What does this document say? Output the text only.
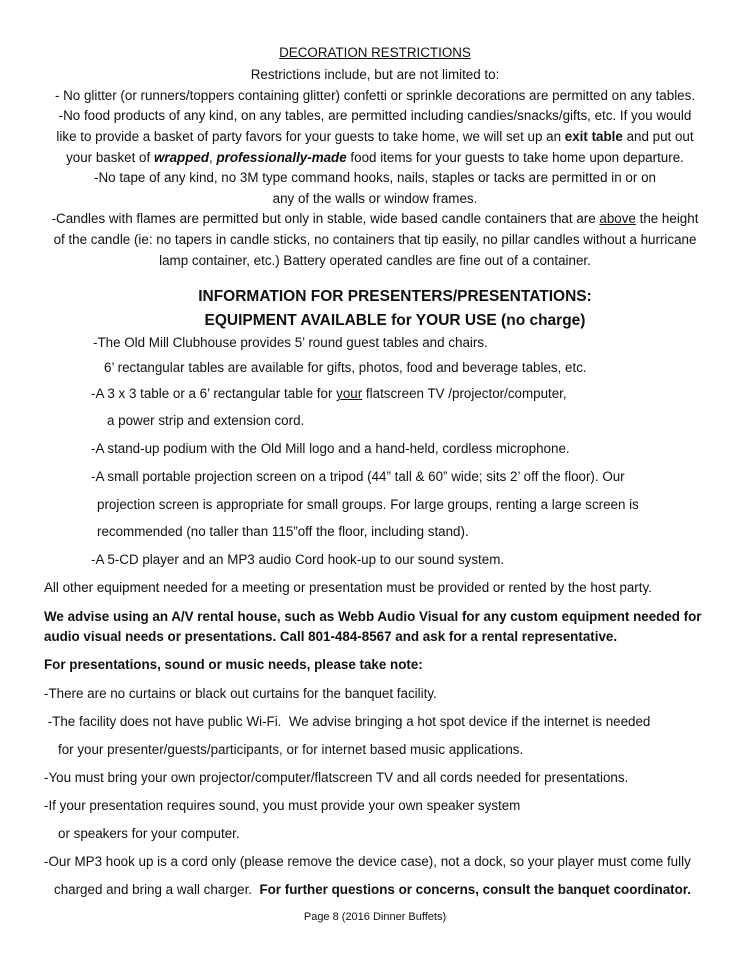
DECORATION RESTRICTIONS
Restrictions include, but are not limited to:
- No glitter (or runners/toppers containing glitter) confetti or sprinkle decorations are permitted on any tables.
-No food products of any kind, on any tables, are permitted including candies/snacks/gifts, etc. If you would
like to provide a basket of party favors for your guests to take home, we will set up an exit table and put out
your basket of wrapped, professionally-made food items for your guests to take home upon departure.
-No tape of any kind, no 3M type command hooks, nails, staples or tacks are permitted in or on
any of the walls or window frames.
-Candles with flames are permitted but only in stable, wide based candle containers that are above the height
of the candle (ie: no tapers in candle sticks, no containers that tip easily, no pillar candles without a hurricane
lamp container, etc.) Battery operated candles are fine out of a container.
INFORMATION FOR PRESENTERS/PRESENTATIONS:
EQUIPMENT AVAILABLE for YOUR USE (no charge)
-The Old Mill Clubhouse provides 5’ round guest tables and chairs.
6’ rectangular tables are available for gifts, photos, food and beverage tables, etc.
-A 3 x 3 table or a 6’ rectangular table for your flatscreen TV /projector/computer,
a power strip and extension cord.
-A stand-up podium with the Old Mill logo and a hand-held, cordless microphone.
-A small portable projection screen on a tripod (44” tall & 60” wide; sits 2’ off the floor). Our
projection screen is appropriate for small groups. For large groups, renting a large screen is
recommended (no taller than 115”off the floor, including stand).
-A 5-CD player and an MP3 audio Cord hook-up to our sound system.
All other equipment needed for a meeting or presentation must be provided or rented by the host party.
We advise using an A/V rental house, such as Webb Audio Visual for any custom equipment needed for
audio visual needs or presentations. Call 801-484-8567 and ask for a rental representative.
For presentations, sound or music needs, please take note:
-There are no curtains or black out curtains for the banquet facility.
-The facility does not have public Wi-Fi.  We advise bringing a hot spot device if the internet is needed
for your presenter/guests/participants, or for internet based music applications.
-You must bring your own projector/computer/flatscreen TV and all cords needed for presentations.
-If your presentation requires sound, you must provide your own speaker system
or speakers for your computer.
-Our MP3 hook up is a cord only (please remove the device case), not a dock, so your player must come fully
charged and bring a wall charger.  For further questions or concerns, consult the banquet coordinator.
Page 8 (2016 Dinner Buffets)
